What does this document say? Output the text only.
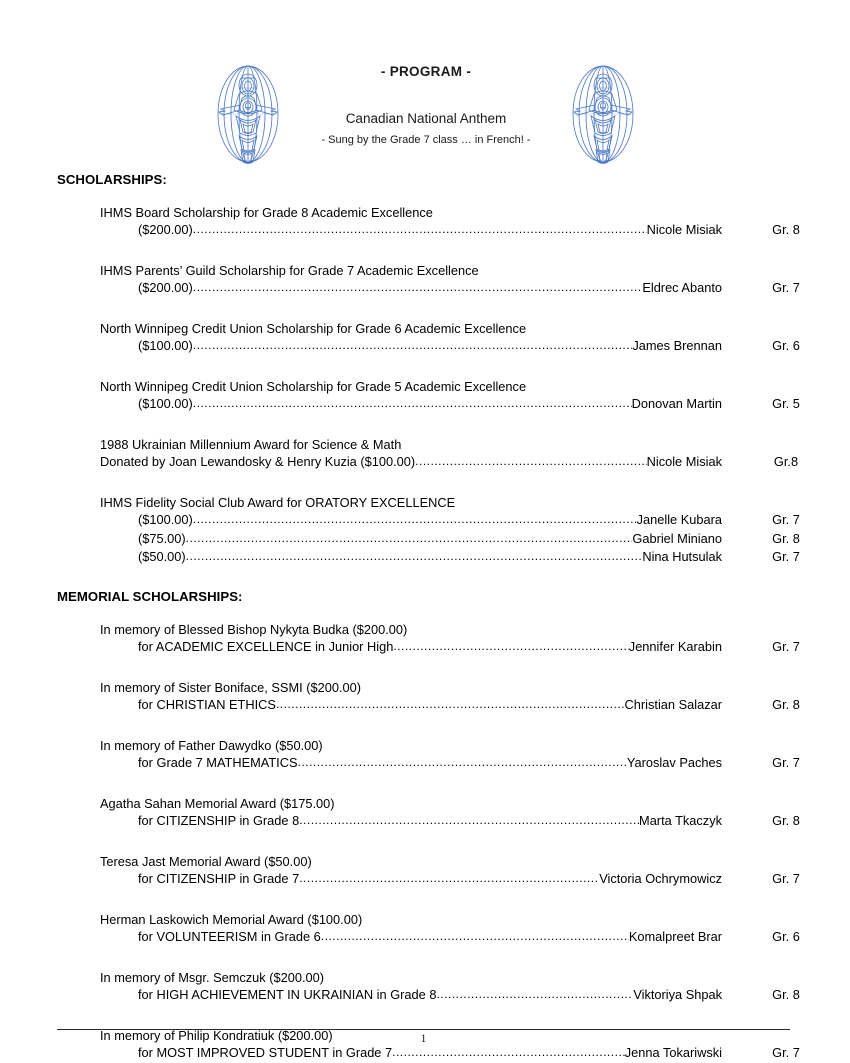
- PROGRAM -

Canadian National Anthem

- Sung by the Grade 7 class … in French! -

SCHOLARSHIPS:
IHMS Board Scholarship for Grade 8 Academic Excellence
($200.00) .....	Nicole Misiak	Gr. 8
IHMS Parents’ Guild Scholarship for Grade 7 Academic Excellence
($200.00) .....	Eldrec Abanto	Gr. 7
North Winnipeg Credit Union Scholarship for Grade 6 Academic Excellence
($100.00) .....	James Brennan	Gr. 6
North Winnipeg Credit Union Scholarship for Grade 5 Academic Excellence
($100.00) .....	Donovan Martin	Gr. 5
1988 Ukrainian Millennium Award for Science & Math
Donated by Joan Lewandosky & Henry Kuzia ($100.00) .....	Nicole Misiak	Gr.8
IHMS Fidelity Social Club Award for ORATORY EXCELLENCE
($100.00) .....	Janelle Kubara	Gr. 7
($75.00) .....	Gabriel Miniano	Gr. 8
($50.00) .....	Nina Hutsulak	Gr. 7
MEMORIAL SCHOLARSHIPS:
In memory of Blessed Bishop Nykyta Budka ($200.00)
for ACADEMIC EXCELLENCE in Junior High .....	Jennifer Karabin	Gr. 7
In memory of Sister Boniface, SSMI ($200.00)
for CHRISTIAN ETHICS .....	Christian Salazar	Gr. 8
In memory of Father Dawydko ($50.00)
for Grade 7 MATHEMATICS .....	Yaroslav Paches	Gr. 7
Agatha Sahan Memorial Award ($175.00)
for CITIZENSHIP in Grade 8 .....	Marta Tkaczyk	Gr. 8
Teresa Jast Memorial Award ($50.00)
for CITIZENSHIP in Grade 7 .....	Victoria Ochrymowicz	Gr. 7
Herman Laskowich Memorial Award ($100.00)
for VOLUNTEERISM in Grade 6 .....	Komalpreet Brar	Gr. 6
In memory of Msgr. Semczuk ($200.00)
for HIGH ACHIEVEMENT IN UKRAINIAN in Grade 8 .....	Viktoriya Shpak	Gr. 8
In memory of Philip Kondratiuk ($200.00)
for MOST IMPROVED STUDENT in Grade 7 .....	Jenna Tokariwski	Gr. 7
1
